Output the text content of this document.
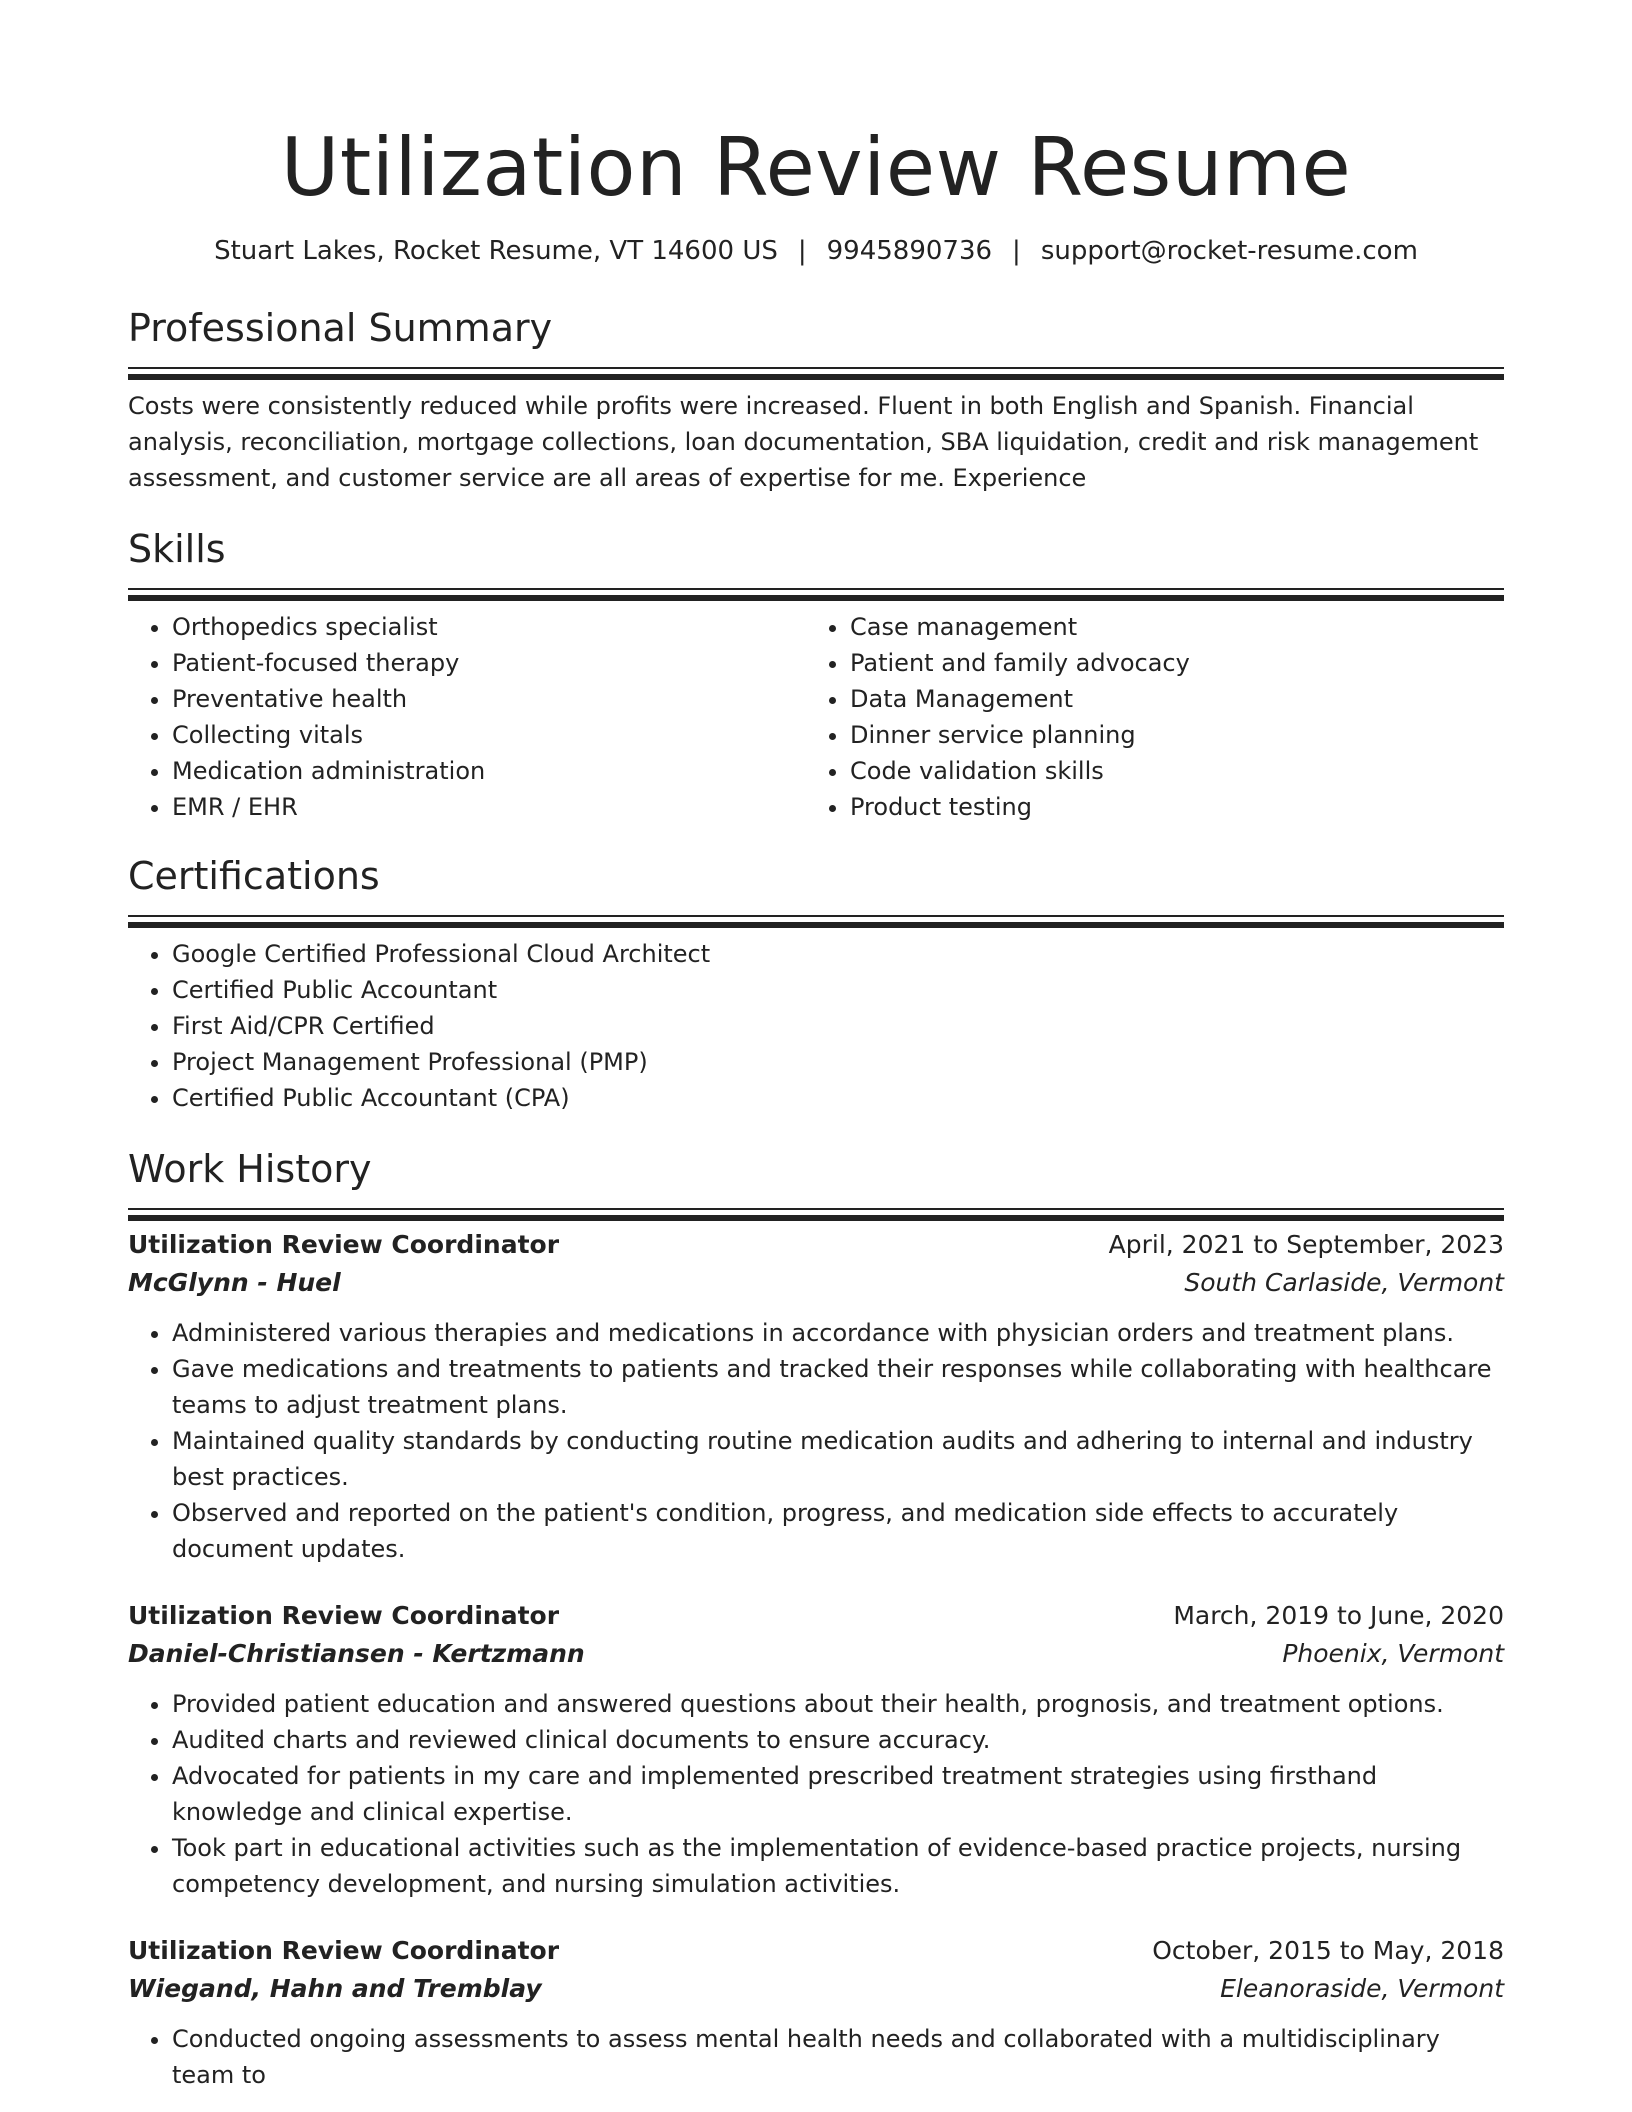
Utilization Review Resume
Stuart Lakes, Rocket Resume, VT 14600 US | 9945890736 | support@rocket-resume.com
Professional Summary
Costs were consistently reduced while profits were increased. Fluent in both English and Spanish. Financial analysis, reconciliation, mortgage collections, loan documentation, SBA liquidation, credit and risk management assessment, and customer service are all areas of expertise for me. Experience
Skills
• Orthopedics specialist
• Patient-focused therapy
• Preventative health
• Collecting vitals
• Medication administration
• EMR / EHR
• Case management
• Patient and family advocacy
• Data Management
• Dinner service planning
• Code validation skills
• Product testing
Certifications
• Google Certified Professional Cloud Architect
• Certified Public Accountant
• First Aid/CPR Certified
• Project Management Professional (PMP)
• Certified Public Accountant (CPA)
Work History
Utilization Review Coordinator	April, 2021 to September, 2023
McGlynn - Huel	South Carlaside, Vermont
• Administered various therapies and medications in accordance with physician orders and treatment plans.
• Gave medications and treatments to patients and tracked their responses while collaborating with healthcare teams to adjust treatment plans.
• Maintained quality standards by conducting routine medication audits and adhering to internal and industry best practices.
• Observed and reported on the patient's condition, progress, and medication side effects to accurately document updates.
Utilization Review Coordinator	March, 2019 to June, 2020
Daniel-Christiansen - Kertzmann	Phoenix, Vermont
• Provided patient education and answered questions about their health, prognosis, and treatment options.
• Audited charts and reviewed clinical documents to ensure accuracy.
• Advocated for patients in my care and implemented prescribed treatment strategies using firsthand knowledge and clinical expertise.
• Took part in educational activities such as the implementation of evidence-based practice projects, nursing competency development, and nursing simulation activities.
Utilization Review Coordinator	October, 2015 to May, 2018
Wiegand, Hahn and Tremblay	Eleanoraside, Vermont
• Conducted ongoing assessments to assess mental health needs and collaborated with a multidisciplinary team to
